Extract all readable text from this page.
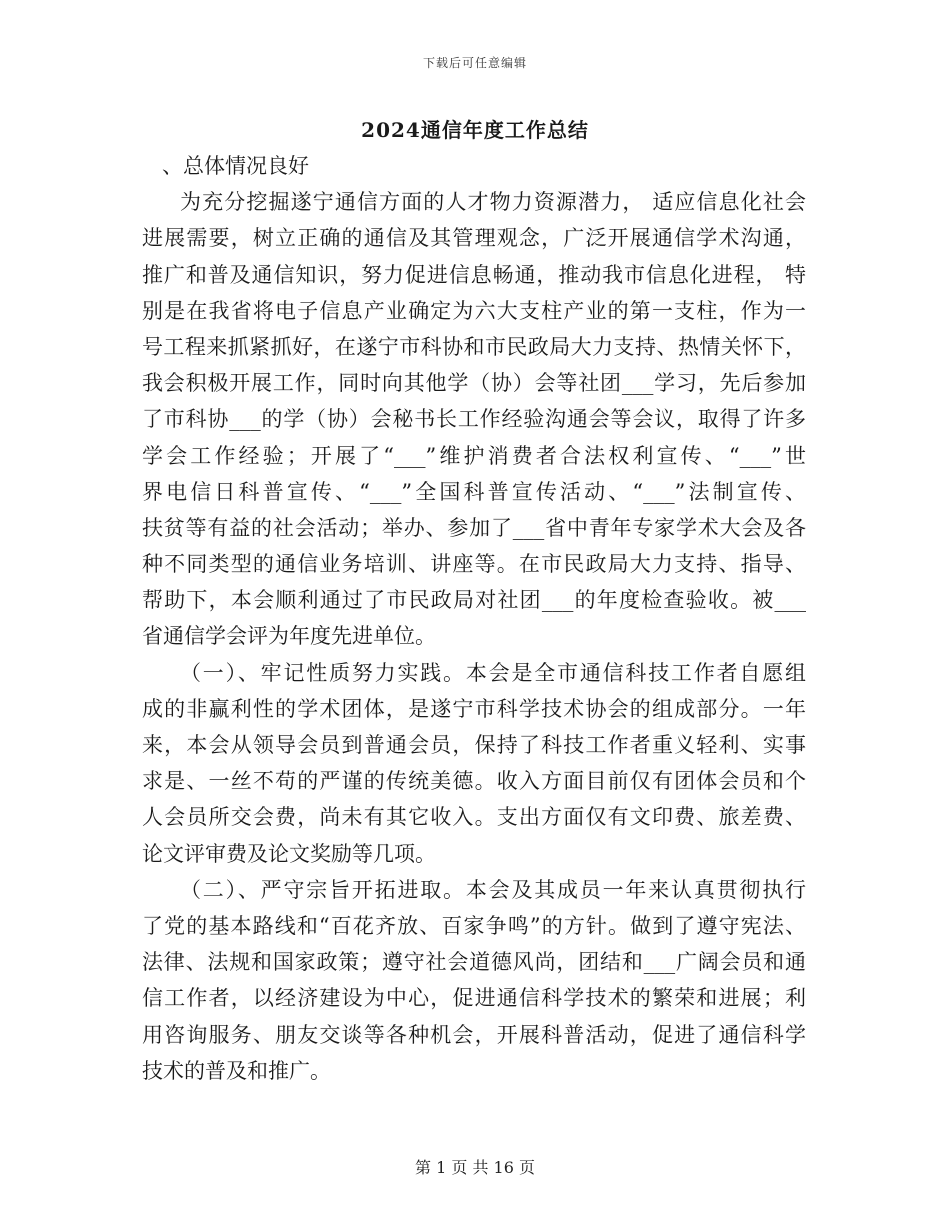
下载后可任意编辑
2024通信年度工作总结
、总体情况良好
为充分挖掘遂宁通信方面的人才物力资源潜力， 适应信息化社会
进展需要，树立正确的通信及其管理观念，广泛开展通信学术沟通，
推广和普及通信知识，努力促进信息畅通，推动我市信息化进程， 特
别是在我省将电子信息产业确定为六大支柱产业的第一支柱，作为一
号工程来抓紧抓好，在遂宁市科协和市民政局大力支持、热情关怀下，
我会积极开展工作，同时向其他学（协）会等社团___学习，先后参加
了市科协___的学（协）会秘书长工作经验沟通会等会议，取得了许多
学会工作经验；开展了“___”维护消费者合法权利宣传、“___”世
界电信日科普宣传、“___”全国科普宣传活动、“___”法制宣传、
扶贫等有益的社会活动；举办、参加了___省中青年专家学术大会及各
种不同类型的通信业务培训、讲座等。在市民政局大力支持、指导、
帮助下，本会顺利通过了市民政局对社团___的年度检查验收。被___
省通信学会评为年度先进单位。
（一）、牢记性质努力实践。本会是全市通信科技工作者自愿组
成的非赢利性的学术团体，是遂宁市科学技术协会的组成部分。一年
来，本会从领导会员到普通会员，保持了科技工作者重义轻利、实事
求是、一丝不苟的严谨的传统美德。收入方面目前仅有团体会员和个
人会员所交会费，尚未有其它收入。支出方面仅有文印费、旅差费、
论文评审费及论文奖励等几项。
（二）、严守宗旨开拓进取。本会及其成员一年来认真贯彻执行
了党的基本路线和“百花齐放、百家争鸣”的方针。做到了遵守宪法、
法律、法规和国家政策；遵守社会道德风尚，团结和___广阔会员和通
信工作者，以经济建设为中心，促进通信科学技术的繁荣和进展；利
用咨询服务、朋友交谈等各种机会，开展科普活动，促进了通信科学
技术的普及和推广。
第 1 页 共 16 页
